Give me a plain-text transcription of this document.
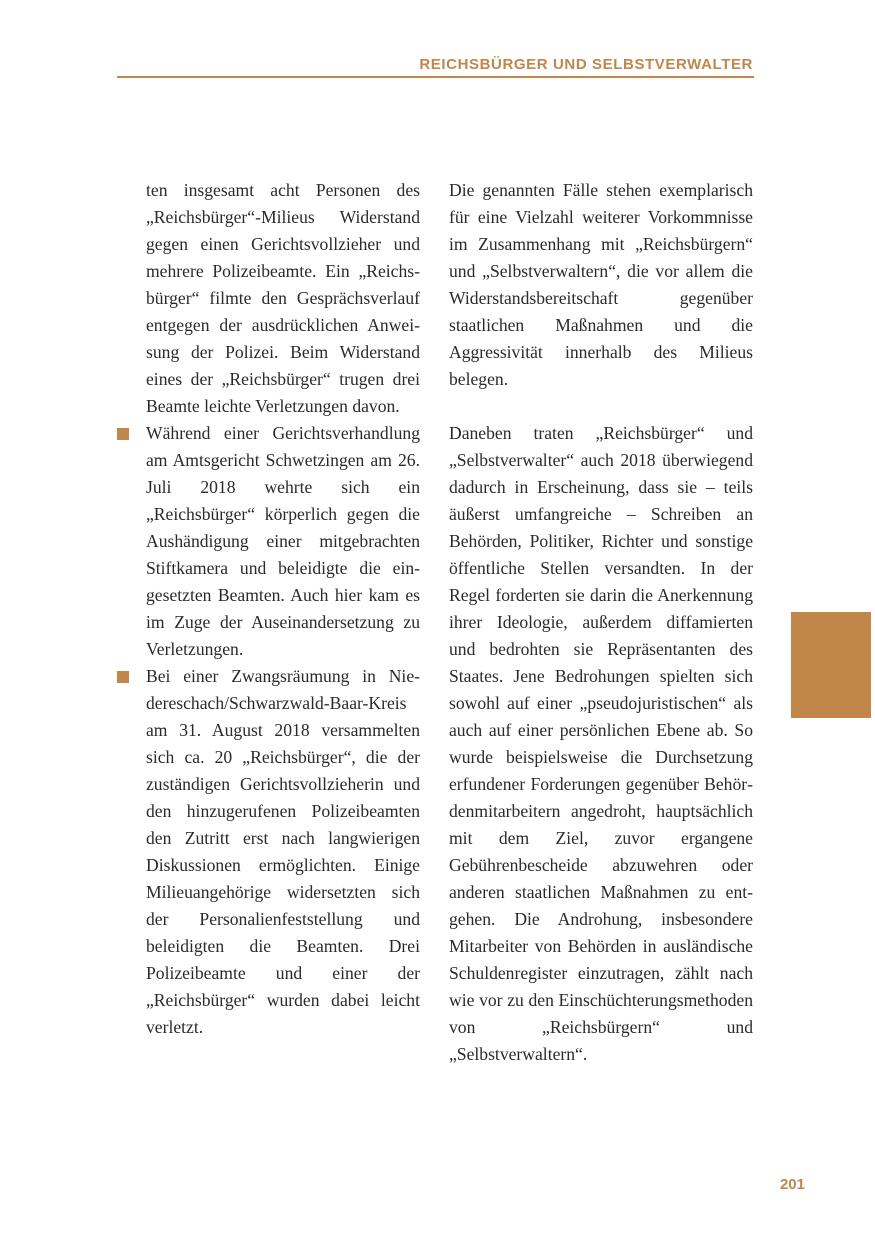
REICHSBÜRGER UND SELBSTVERWALTER

ten insgesamt acht Personen des „Reichsbürger“-Milieus Widerstand gegen einen Gerichtsvollzieher und mehrere Polizeibeamte. Ein „Reichsbürger“ filmte den Gesprächsverlauf entgegen der ausdrücklichen Anweisung der Polizei. Beim Widerstand eines der „Reichsbürger“ trugen drei Beamte leichte Verletzungen davon.

Während einer Gerichtsverhandlung am Amtsgericht Schwetzingen am 26. Juli 2018 wehrte sich ein „Reichsbürger“ körperlich gegen die Aushändigung einer mitgebrachten Stiftkamera und beleidigte die eingesetzten Beamten. Auch hier kam es im Zuge der Auseinandersetzung zu Verletzungen.

Bei einer Zwangsräumung in Niedereschach/Schwarzwald-Baar-Kreis am 31. August 2018 versammelten sich ca. 20 „Reichsbürger“, die der zuständigen Gerichtsvollzieherin und den hinzugerufenen Polizeibeamten den Zutritt erst nach langwierigen Diskussionen ermöglichten. Einige Milieuangehörige widersetzten sich der Personalienfeststellung und beleidigten die Beamten. Drei Polizeibeamte und einer der „Reichsbürger“ wurden dabei leicht verletzt.

Die genannten Fälle stehen exemplarisch für eine Vielzahl weiterer Vorkommnisse im Zusammenhang mit „Reichsbürgern“ und „Selbstverwaltern“, die vor allem die Widerstandsbereitschaft gegenüber staatlichen Maßnahmen und die Aggressivität innerhalb des Milieus belegen.

Daneben traten „Reichsbürger“ und „Selbstverwalter“ auch 2018 überwiegend dadurch in Erscheinung, dass sie – teils äußerst umfangreiche – Schreiben an Behörden, Politiker, Richter und sonstige öffentliche Stellen versandten. In der Regel forderten sie darin die Anerkennung ihrer Ideologie, außerdem diffamierten und bedrohten sie Repräsentanten des Staates. Jene Bedrohungen spielten sich sowohl auf einer „pseudojuristischen“ als auch auf einer persönlichen Ebene ab. So wurde beispielsweise die Durchsetzung erfundener Forderungen gegenüber Behördenmitarbeitern angedroht, hauptsächlich mit dem Ziel, zuvor ergangene Gebührenbescheide abzuwehren oder anderen staatlichen Maßnahmen zu entgehen. Die Androhung, insbesondere Mitarbeiter von Behörden in ausländische Schuldenregister einzutragen, zählt nach wie vor zu den Einschüchterungsmethoden von „Reichsbürgern“ und „Selbstverwaltern“.

201
